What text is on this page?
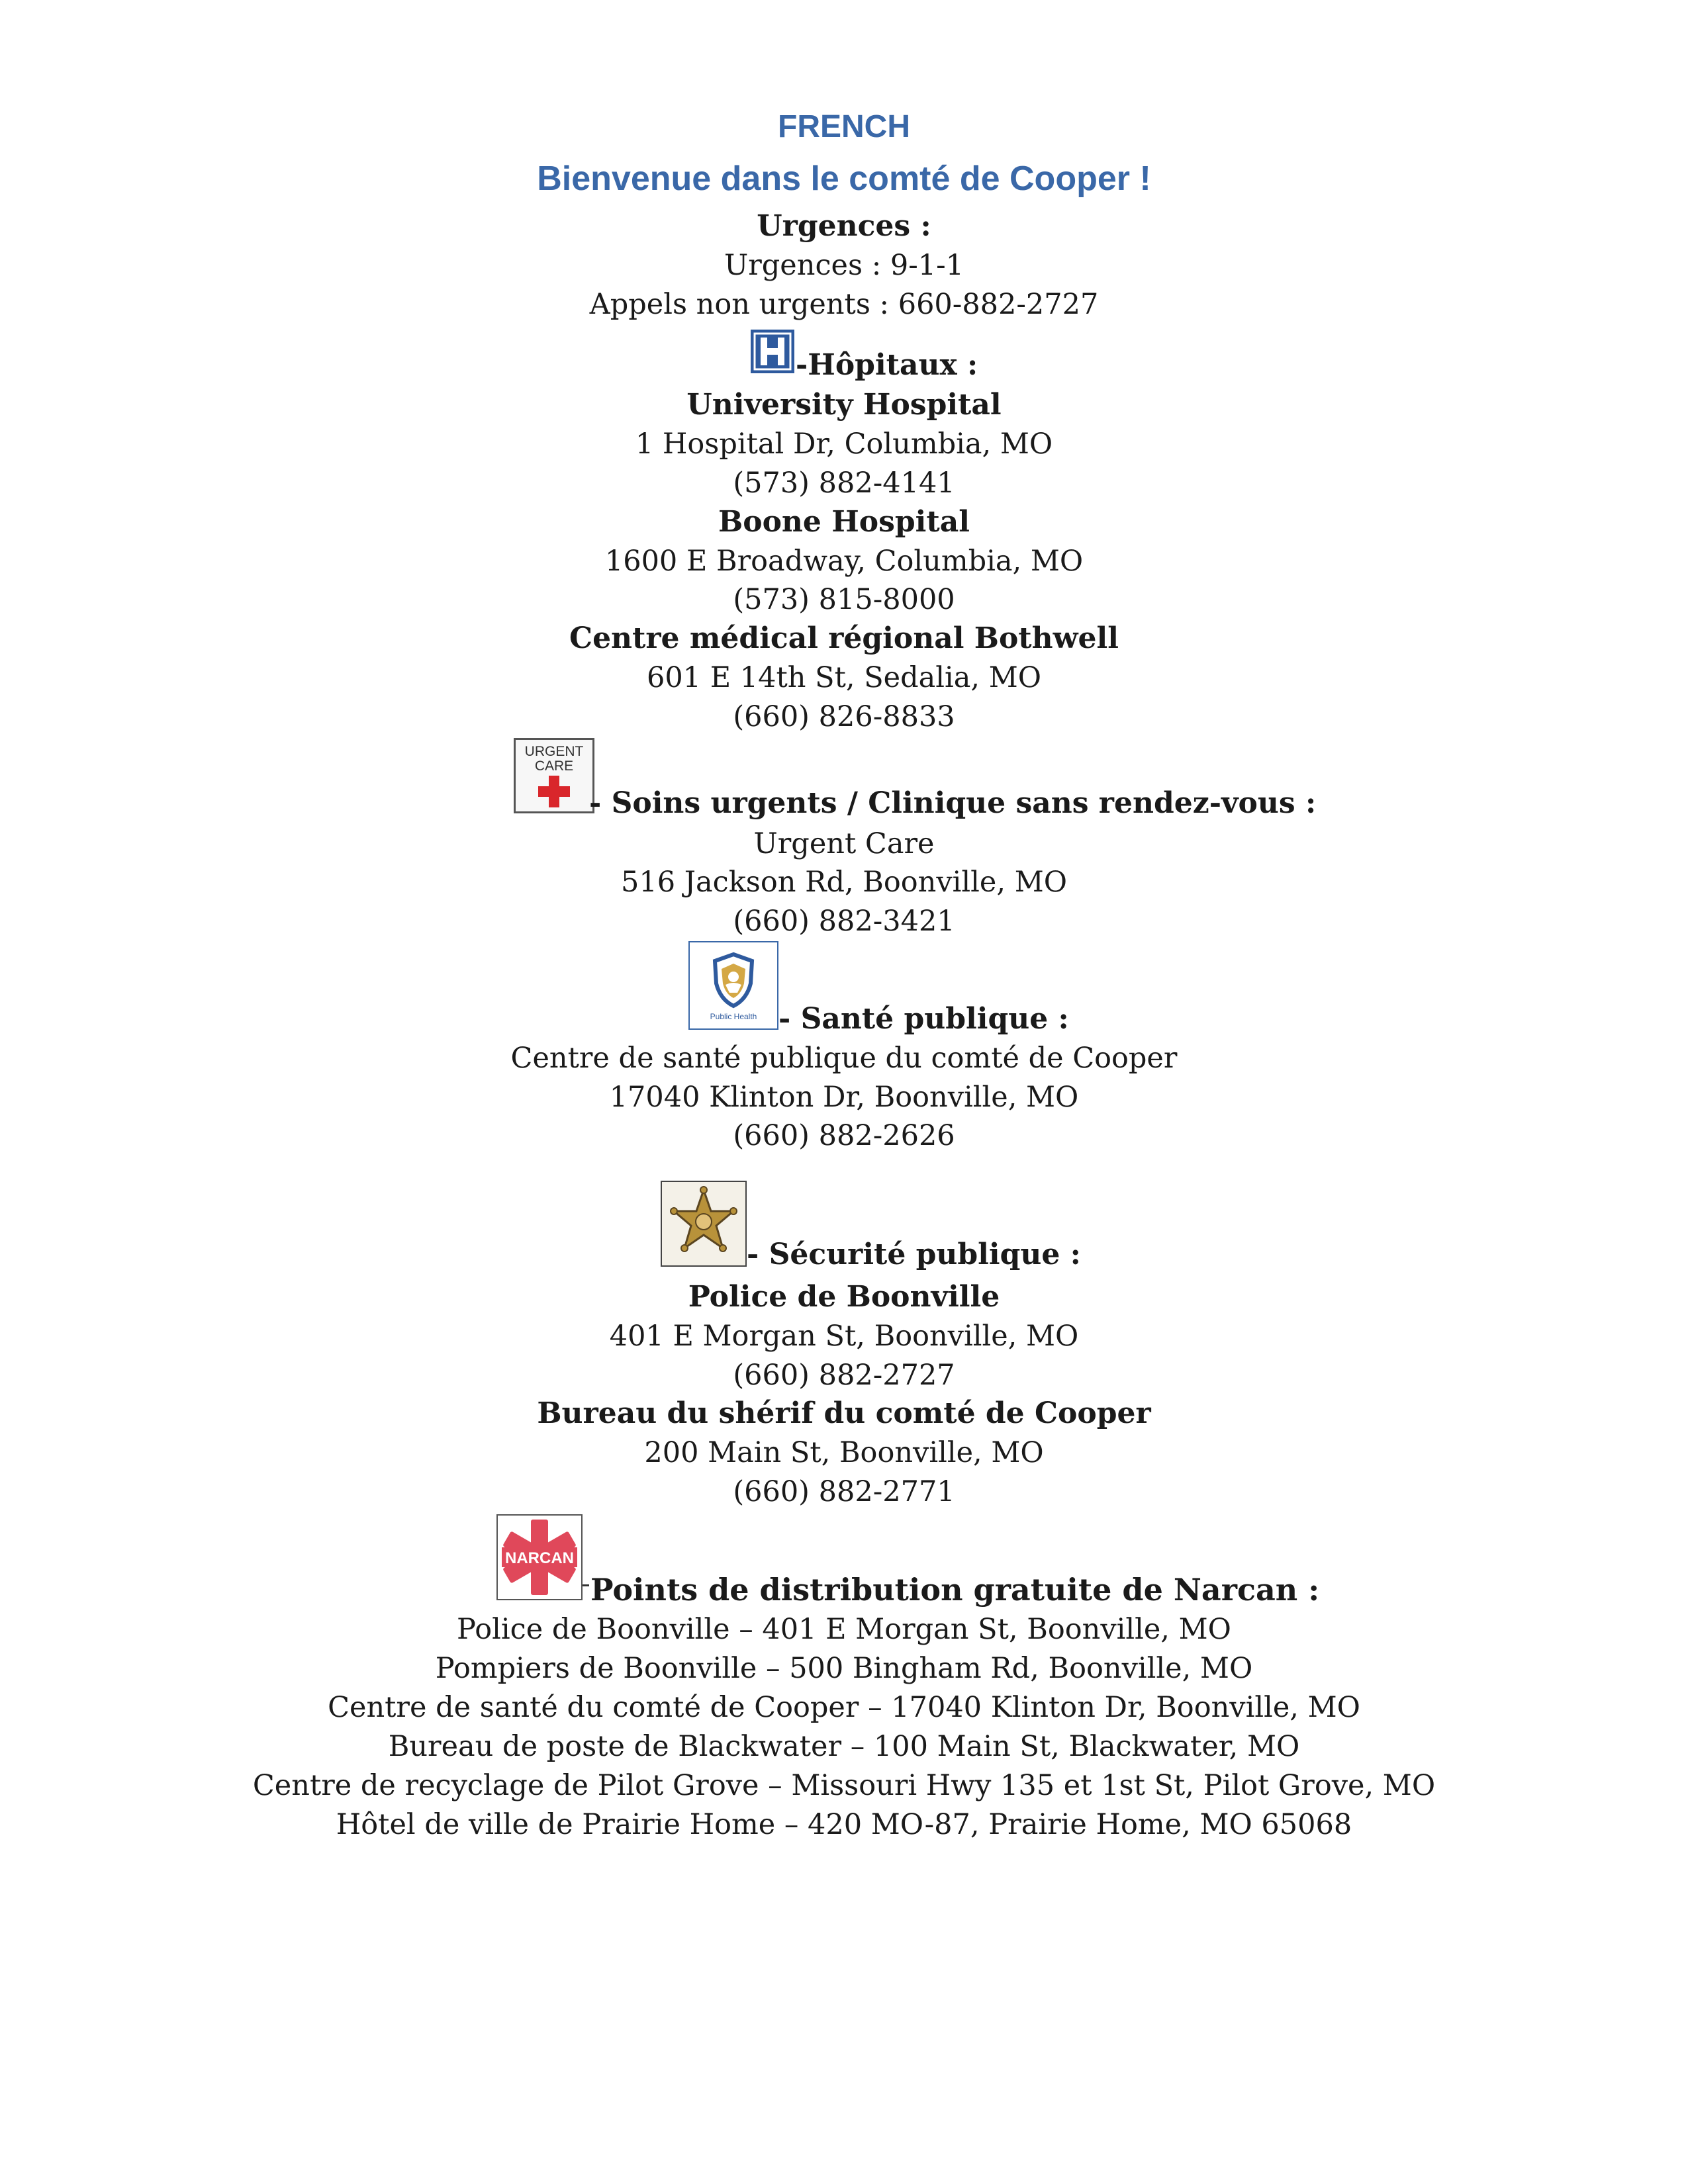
FRENCH
Bienvenue dans le comté de Cooper !
Urgences :
Urgences : 9-1-1
Appels non urgents : 660-882-2727
-Hôpitaux :
University Hospital
1 Hospital Dr, Columbia, MO
(573) 882-4141
Boone Hospital
1600 E Broadway, Columbia, MO
(573) 815-8000
Centre médical régional Bothwell
601 E 14th St, Sedalia, MO
(660) 826-8833
URGENT
CARE
- Soins urgents / Clinique sans rendez-vous :
Urgent Care
516 Jackson Rd, Boonville, MO
(660) 882-3421
Public Health - Santé publique :
Centre de santé publique du comté de Cooper
17040 Klinton Dr, Boonville, MO
(660) 882-2626
- Sécurité publique :
Police de Boonville
401 E Morgan St, Boonville, MO
(660) 882-2727
Bureau du shérif du comté de Cooper
200 Main St, Boonville, MO
(660) 882-2771
NARCAN
Points de distribution gratuite de Narcan :
Police de Boonville – 401 E Morgan St, Boonville, MO
Pompiers de Boonville – 500 Bingham Rd, Boonville, MO
Centre de santé du comté de Cooper – 17040 Klinton Dr, Boonville, MO
Bureau de poste de Blackwater – 100 Main St, Blackwater, MO
Centre de recyclage de Pilot Grove – Missouri Hwy 135 et 1st St, Pilot Grove, MO
Hôtel de ville de Prairie Home – 420 MO-87, Prairie Home, MO 65068
